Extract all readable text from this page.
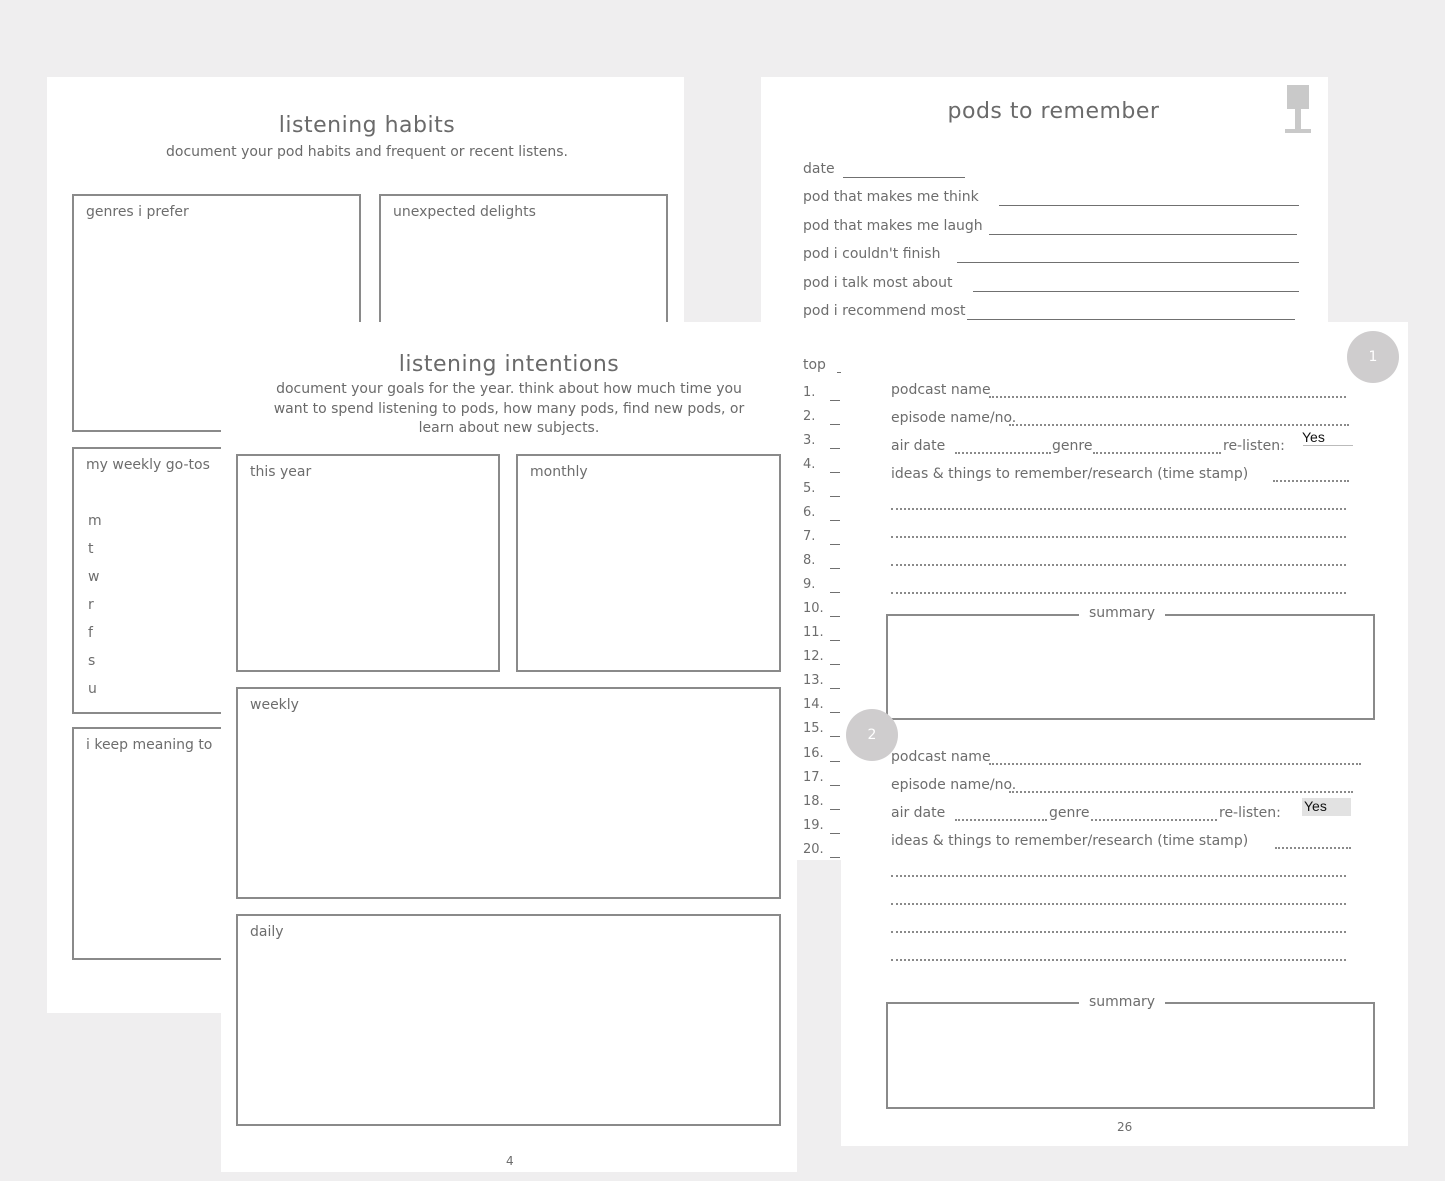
listening habits
document your pod habits and frequent or recent listens.
genres i prefer	unexpected delights
my weekly go-tos
m
t
w
r
f
s
u
i keep meaning to
pods to remember
date
pod that makes me think
pod that makes me laugh
pod i couldn't finish
pod i talk most about
pod i recommend most
top
1.
2.
3.
4.
5.
6.
7.
8.
9.
10.
11.
12.
13.
14.
15.
16.
17.
18.
19.
20.
listening intentions
document your goals for the year. think about how much time you
want to spend listening to pods, how many pods, find new pods, or
learn about new subjects.
this year	monthly
weekly
daily
4
1
podcast name
episode name/no.
air date	genre	re-listen:
Yes
ideas & things to remember/research (time stamp)
summary
2
podcast name
episode name/no.
air date	genre	re-listen: Yes
ideas & things to remember/research (time stamp)
summary
26
